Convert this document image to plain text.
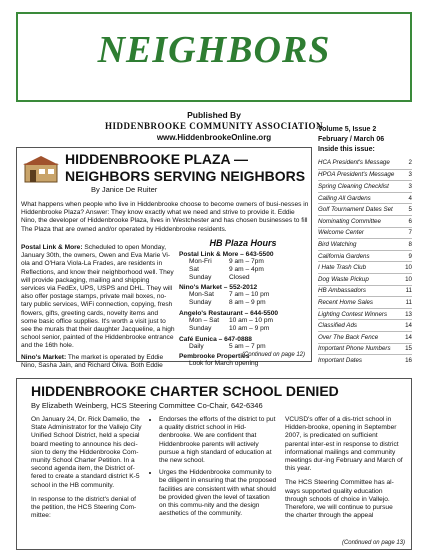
NEIGHBORS
Published By
HIDDENBROOKE COMMUNITY ASSOCIATION
www.HiddenbrookeOnline.org
HIDDENBROOKE PLAZA —
NEIGHBORS SERVING NEIGHBORS
By Janice De Ruiter
What happens when people who live in Hiddenbrooke choose to become owners of busi-nesses in Hiddenbrooke Plaza? Answer: They know exactly what we need and strive to provide it. Eddie Nino, the developer of Hiddenbrooke Plaza, lives in Westchester and has chosen businesses to fill The Plaza that are owned and/or operated by Hiddenbrooke residents.

Postal Link & More: Scheduled to open Monday, January 30th, the owners, Owen and Eva Marie Vi-ola and O'Hara Viola-La Frades, are residents in Reflections, and know their neighborhood well. They will provide packaging, mailing and shipping services via FedEx, UPS, USPS and DHL. They will also offer postage stamps, private mail boxes, no-tary public services, WiFi connection, copying, fresh flowers, gifts, greeting cards, novelty items and some basic office supplies. It's worth a visit just to see the murals that their daughter Jacqueline, a high school senior, painted of the Hiddenbrooke entrance and the 16th hole.

Nino's Market: The market is operated by Eddie Nino, Sasha Jain, and Richard Oliva. Both Eddie

HB Plaza Hours
Postal Link & More – 643-5500
Mon-Fri	9 am – 7pm
Sat	9 am – 4pm
Sunday	Closed
Nino's Market – 552-2012
Mon-Sat	7 am – 10 pm
Sunday	8 am – 9 pm
Angelo's Restaurant – 644-5500
Mon – Sat	10 am – 10 pm
Sunday	10 am – 9 pm
Café Eunica – 647-0888
Daily	5 am – 7 pm
Pembrooke Properties
Look for March opening
(Continued on page 12)
Volume 5, Issue 2
February / March 06
Inside this issue:
HCA President's Message	2
HPOA President's Message 3
Spring Cleaning Checklist	3
Calling All Gardens	4
Golf Tournament Dates Set	5
Nominating Committee	6
Welcome Center	7
Bird Watching	8
California Gardens	9
I Hate Trash Club	10
Dog Waste Pickup	10
HB Ambassadors	11
Recent Home Sales	11
Lighting Contest Winners	13
Classified Ads	14
Over The Back Fence	14
Important Phone Numbers 15
Important Dates	16
HIDDENBROOKE CHARTER SCHOOL DENIED
By Elizabeth Weinberg, HCS Steering Committee Co-Chair, 642-6346

On January 24, Dr. Rick Damelio, the State Administrator for the Vallejo City Unified School District, held a special board meeting to announce his deci-sion to deny the Hiddenbrooke Com-munity School Charter Petition. In a second agenda item, the District of-fered to create a standard district K-5 school in the HB community.

In response to the district's denial of the petition, the HCS Steering Com-mittee:

• Endorses the efforts of the district to put a quality district school in Hid-denbrooke. We are confident that Hiddenbrooke parents will actively pursue a high standard of education at the new school.
• Urges the Hiddenbrooke community to be diligent in ensuring that the proposed facilities are consistent with what should be provided given the level of taxation on this commu-nity and the design aesthetics of the community.

VCUSD's offer of a dis-trict school in Hidden-brooke, opening in September 2007, is predicated on sufficient parental inter-est in response to district informational mailings and community meetings dur-ing February and March of this year.

The HCS Steering Committee has al-ways supported quality education through schools of choice in Vallejo. Therefore, we will continue to pursue the charter through the appeal

(Continued on page 13)
